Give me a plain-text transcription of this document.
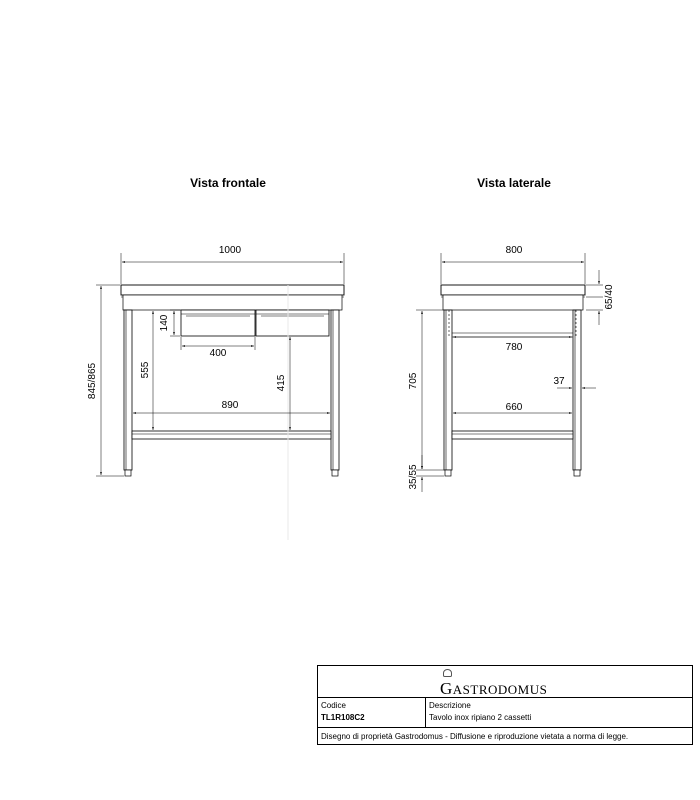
Vista frontale	Vista laterale
1000
845/865
140
400
555
890
415
800
65/40
780
705
35/55
37
660
GASTRODOMUS
Codice
TL1R108C2
Descrizione
Tavolo inox ripiano 2 cassetti
Disegno di proprietà Gastrodomus - Diffusione e riproduzione vietata a norma di legge.
